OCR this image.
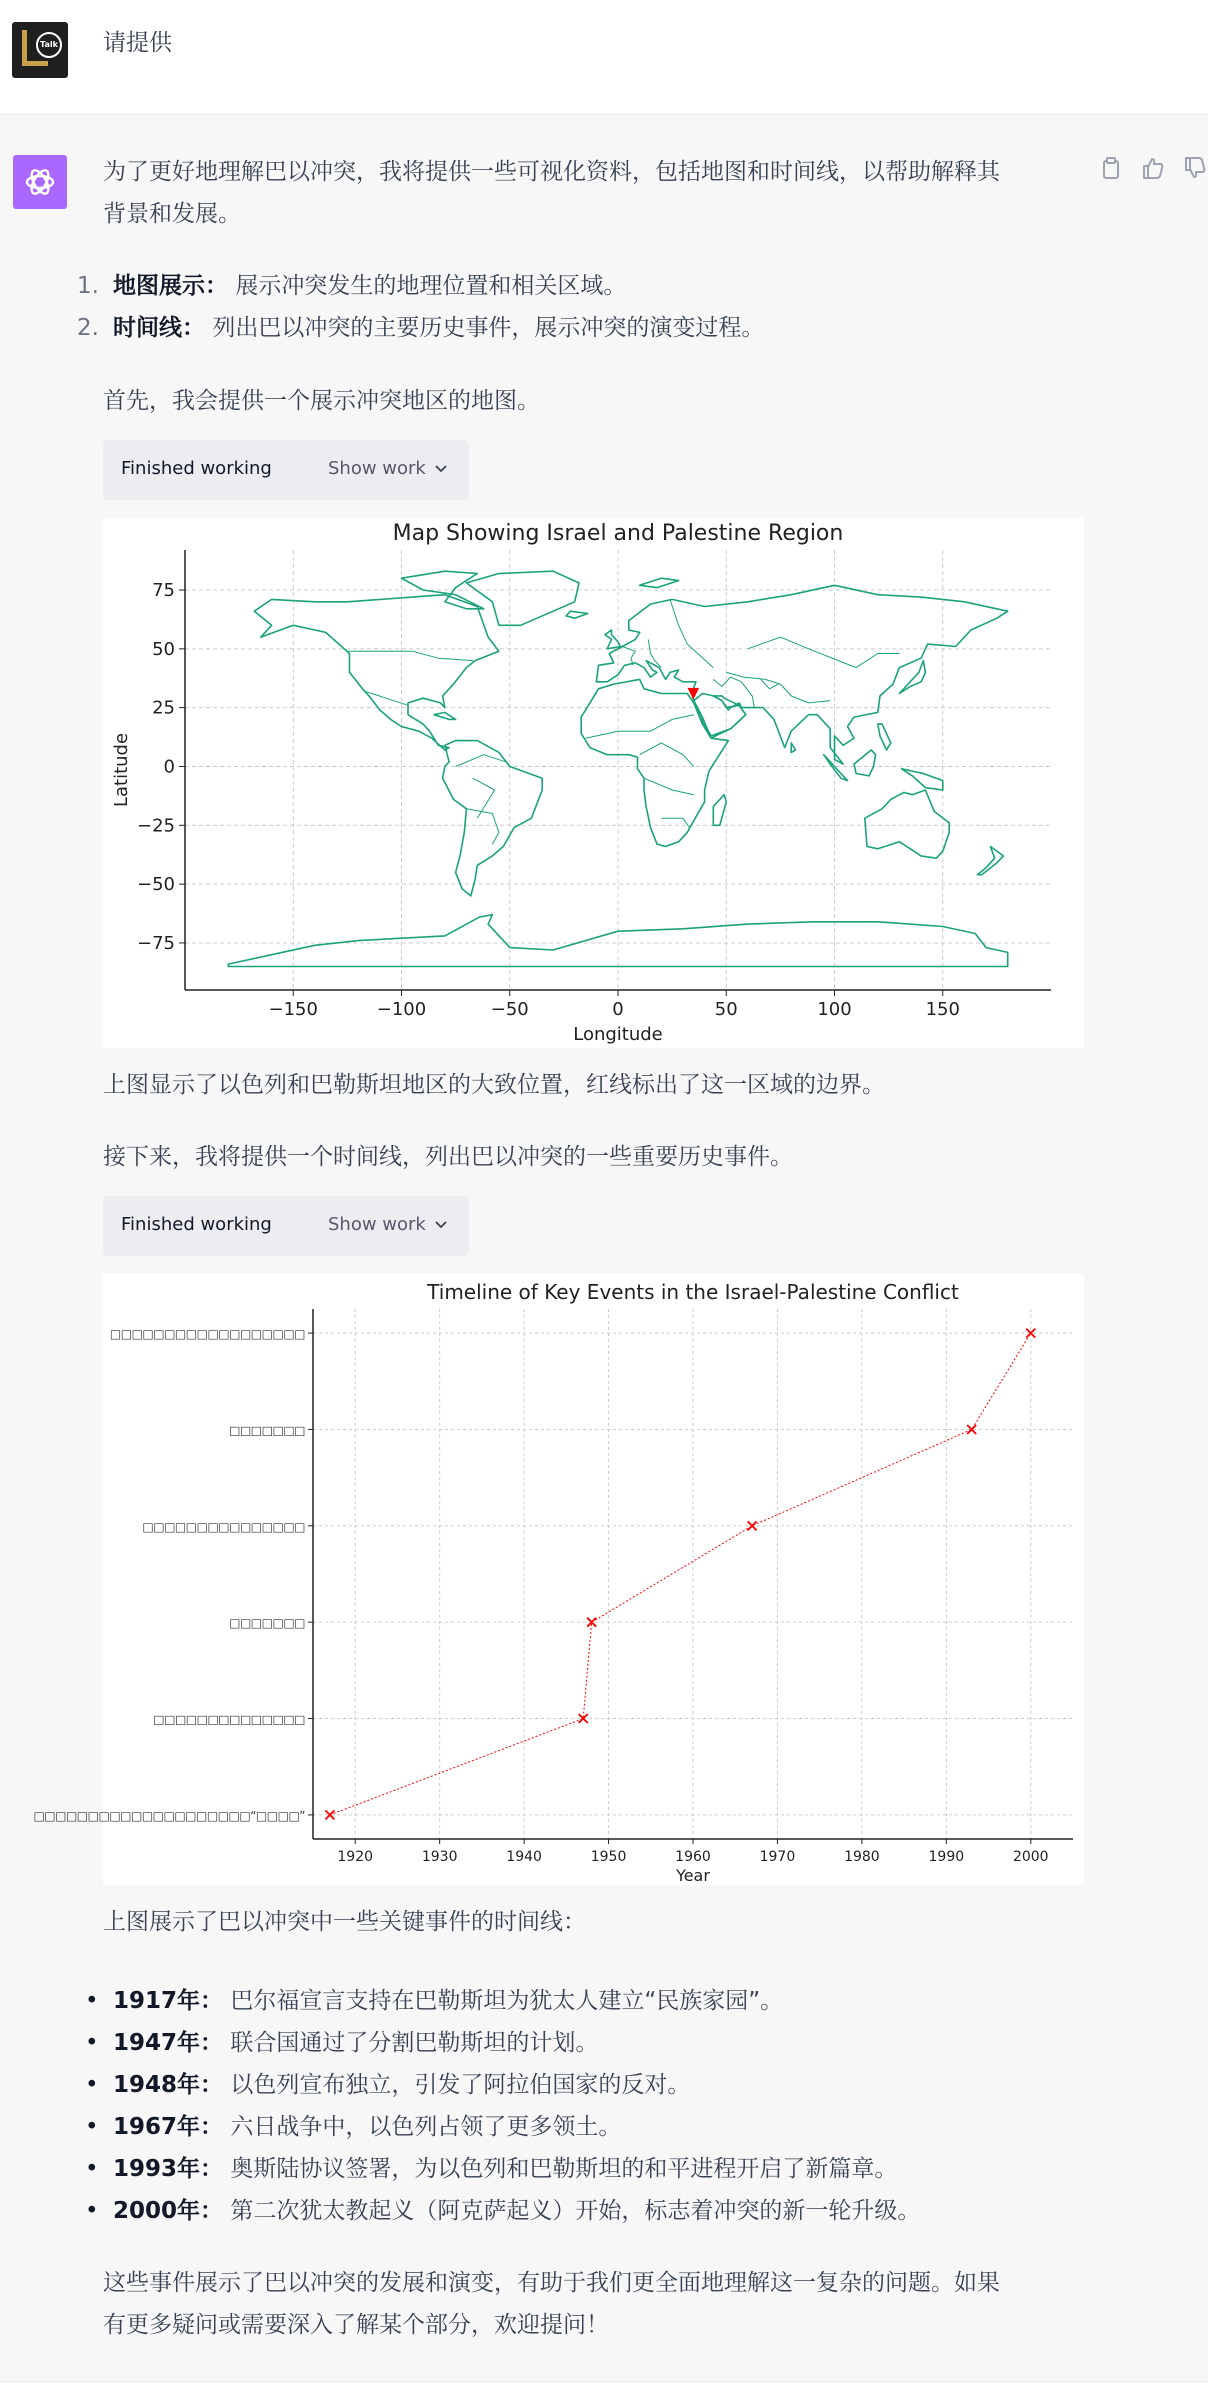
Talk 请提供
为了更好地理解巴以冲突，我将提供一些可视化资料，包括地图和时间线，以帮助解释其
背景和发展。
1. 地图展示： 展示冲突发生的地理位置和相关区域。
2. 时间线： 列出巴以冲突的主要历史事件，展示冲突的演变过程。
首先，我会提供一个展示冲突地区的地图。
Finished working	Show work
Map Showing Israel and Palestine Region
−150	−100	−50	0	50	100	150
75
50
25
0
−25
−50
−75
Longitude
Latitude
上图显示了以色列和巴勒斯坦地区的大致位置，红线标出了这一区域的边界。
接下来，我将提供一个时间线，列出巴以冲突的一些重要历史事件。
Finished working	Show work
Timeline of Key Events in the Israel-Palestine Conflict
1920	1930	1940	1950	1960	1970	1980	1990	2000
□□□□□□□□□□□□□□□□□□□□“□□□□”
□□□□□□□□□□□□□□
□□□□□□□
□□□□□□□□□□□□□□□
□□□□□□□
□□□□□□□□□□□□□□□□□□
Year
上图展示了巴以冲突中一些关键事件的时间线：
• 1917年： 巴尔福宣言支持在巴勒斯坦为犹太人建立“民族家园”。
• 1947年： 联合国通过了分割巴勒斯坦的计划。
• 1948年： 以色列宣布独立，引发了阿拉伯国家的反对。
• 1967年： 六日战争中，以色列占领了更多领土。
• 1993年： 奥斯陆协议签署，为以色列和巴勒斯坦的和平进程开启了新篇章。
• 2000年： 第二次犹太教起义（阿克萨起义）开始，标志着冲突的新一轮升级。
这些事件展示了巴以冲突的发展和演变，有助于我们更全面地理解这一复杂的问题。如果
有更多疑问或需要深入了解某个部分，欢迎提问！
